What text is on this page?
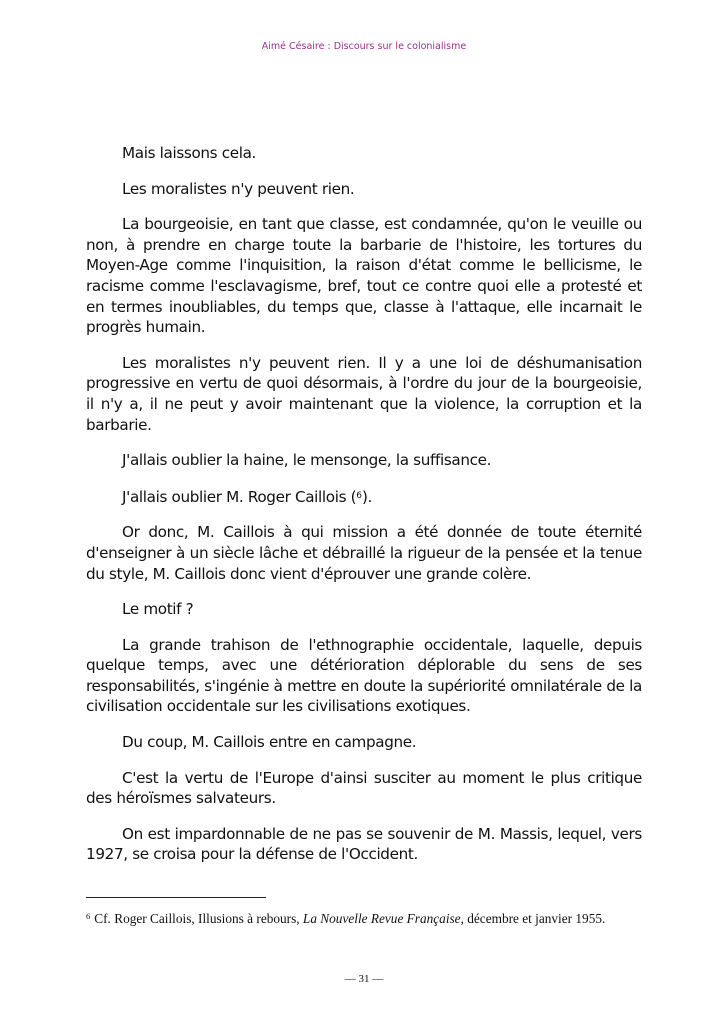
Aimé Césaire : Discours sur le colonialisme

Mais laissons cela.

Les moralistes n'y peuvent rien.

La bourgeoisie, en tant que classe, est condamnée, qu'on le veuille ou non, à prendre en charge toute la barbarie de l'histoire, les tortures du Moyen-Age comme l'inquisition, la raison d'état comme le bellicisme, le racisme comme l'esclavagisme, bref, tout ce contre quoi elle a protesté et en termes inoubliables, du temps que, classe à l'attaque, elle incarnait le progrès humain.

Les moralistes n'y peuvent rien. Il y a une loi de déshumanisation progressive en vertu de quoi désormais, à l'ordre du jour de la bourgeoisie, il n'y a, il ne peut y avoir maintenant que la violence, la corruption et la barbarie.

J'allais oublier la haine, le mensonge, la suffisance.

J'allais oublier M. Roger Caillois ($^6$).

Or donc, M. Caillois à qui mission a été donnée de toute éternité d'enseigner à un siècle lâche et débraillé la rigueur de la pensée et la tenue du style, M. Caillois donc vient d'éprouver une grande colère.

Le motif ?

La grande trahison de l'ethnographie occidentale, laquelle, depuis quelque temps, avec une détérioration déplorable du sens de ses responsabilités, s'ingénie à mettre en doute la supériorité omnilatérale de la civilisation occidentale sur les civilisations exotiques.

Du coup, M. Caillois entre en campagne.

C'est la vertu de l'Europe d'ainsi susciter au moment le plus critique des héroïsmes salvateurs.

On est impardonnable de ne pas se souvenir de M. Massis, lequel, vers 1927, se croisa pour la défense de l'Occident.

$^6$ Cf. Roger Caillois, Illusions à rebours, La Nouvelle Revue Française, décembre et janvier 1955.
— 31 —
